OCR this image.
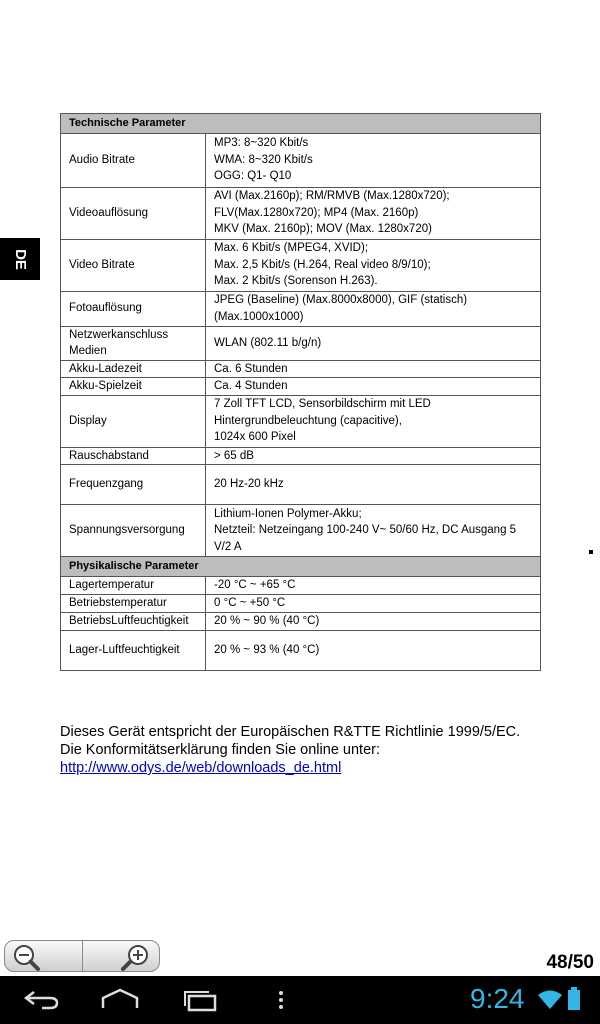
DE
Technische Parameter	
Audio Bitrate	MP3: 8~320 Kbit/s
WMA: 8~320 Kbit/s
OGG: Q1- Q10

Videoauflösung	AVI (Max.2160p); RM/RMVB (Max.1280x720);
FLV(Max.1280x720); MP4 (Max. 2160p)
MKV (Max. 2160p); MOV (Max. 1280x720)

Video Bitrate	Max. 6 Kbit/s (MPEG4, XVID);
Max. 2,5 Kbit/s (H.264, Real video 8/9/10);
Max. 2 Kbit/s (Sorenson H.263).

Fotoauflösung	JPEG (Baseline) (Max.8000x8000), GIF (statisch)
(Max.1000x1000)

Netzwerkanschluss Medien	WLAN (802.11 b/g/n)

Akku-Ladezeit	Ca. 6 Stunden

Akku-Spielzeit	Ca. 4 Stunden

Display	7 Zoll TFT LCD, Sensorbildschirm mit LED
Hintergrundbeleuchtung (capacitive),
1024x 600 Pixel

Rauschabstand	> 65 dB

Frequenzgang	20 Hz-20 kHz

Spannungsversorgung	Lithium-Ionen Polymer-Akku;
Netzteil: Netzeingang 100-240 V~ 50/60 Hz, DC Ausgang 5
V/2 A

Physikalische Parameter	
Lagertemperatur	-20 °C ~ +65 °C

Betriebstemperatur	0 °C ~ +50 °C

BetriebsLuftfeuchtigkeit	20 % ~ 90 % (40 °C)

Lager-Luftfeuchtigkeit	20 % ~ 93 % (40 °C)
Dieses Gerät entspricht der Europäischen R&TTE Richtlinie 1999/5/EC.
Die Konformitätserklärung finden Sie online unter:
http://www.odys.de/web/downloads_de.html
48/50
9:24
